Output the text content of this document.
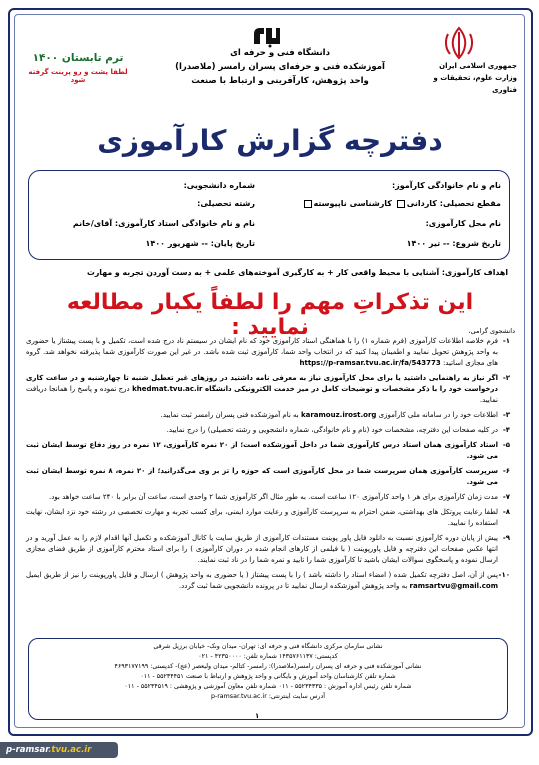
جمهوری اسلامی ایران
وزارت علوم، تحقیقات و فناوری
دانشگاه فنی و حرفه ای
آموزشکده فنی و حرفه‌ای پسران رامسر (ملاصدرا)
واحد پژوهش، کارآفرینی و ارتباط با صنعت
ترم تابستان ۱۴۰۰
لطفا پشت و رو پرینت گرفته شود
دفترچه گزارش کارآموزی
نام و نام خانوادگی کارآموز:
شماره دانشجویی:
مقطع تحصیلی: کاردانی کارشناسی ناپیوسته
رشته تحصیلی:
نام محل کارآموزی:
نام و نام خانوادگی استاد کارآموزی: آقای/خانم
تاریخ شروع: -- تیر ۱۴۰۰
تاریخ پایان: -- شهریور ۱۴۰۰
اهداف کارآموزی: آشنایی با محیط واقعی کار + به کارگیری آموخته‌های علمی + به دست آوردن تجربه و مهارت
این تذکراتِ مهم را لطفاً یکبار مطالعه نمایید :	دانشجوی گرامی،
۱-
فرم خلاصه اطلاعات کارآموزی (فرم شماره ۱) را با هماهنگی استاد کارآموزی خود که نام ایشان در سیستم ناد درج شده است، تکمیل و با پست پیشتاز یا حضوری به واحد پژوهش تحویل نمایید و اطمینان پیدا کنید که در انتخاب واحد شما، کارآموزی ثبت شده باشد. در غیر این صورت کارآموزی شما پذیرفته نخواهد شد. گروه های مجازی اساتید: https://p-ramsar.tvu.ac.ir/fa/543773
۲-
اگر نیاز به راهنمایی داشتید یا برای محل کارآموزی نیاز به معرفی نامه داشتید در روزهای غیر تعطیل شنبه تا چهارشنبه و در ساعت کاری درخواست خود را با ذکر مشخصات و توضیحات کامل در میز خدمت الکترونیکی دانشگاه khedmat.tvu.ac.ir درج نموده و پاسخ را همانجا دریافت نمایید.
۳-
اطلاعات خود را در سامانه ملی کارآموزی karamouz.irost.org به نام آموزشکده فنی پسران رامسر ثبت نمایید.
۴-
در کلیه صفحات این دفترچه، مشخصات خود (نام و نام خانوادگی، شماره دانشجویی و رشته تحصیلی) را درج نمایید.
۵-
استاد کارآموزی همان استاد درس کارآموزی شما در داخل آموزشکده است؛ از ۲۰ نمره کارآموزی، ۱۲ نمره در روز دفاع توسط ایشان ثبت می شود.
۶-
سرپرست کارآموزی همان سرپرست شما در محل کارآموزی است که حوزه را تز بر وی می‌گذرانید؛ از ۲۰ نمره، ۸ نمره توسط ایشان ثبت می شود.
۷-
مدت زمان کارآموزی برای هر ۱ واحد کارآموزی ۱۲۰ ساعت است. به طور مثال اگر کارآموزی شما ۲ واحدی است، ساعت آن برابر با ۲۴۰ ساعت خواهد بود.
۸-
لطفا رعایت پروتکل های بهداشتی، ضمن احترام به سرپرست کارآموزی و رعایت موارد ایمنی، برای کسب تجربه و مهارت تخصصی در رشته خود نزد ایشان، نهایت استفاده را نمایید.
۹-
پیش از پایان دوره کارآموزی نسبت به دانلود فایل پاور پوینت مستندات کارآموزی از طریق سایت یا کانال آموزشکده و تکمیل آنها اقدام لازم را به عمل آورید و در انتها عکس صفحات این دفترچه و فایل پاورپوینت ( با فیلمی از کارهای انجام شده در دوران کارآموزی ) را برای استاد محترم کارآموزی از طریق فضای مجازی ارسال نموده و پاسخگوی سوالات ایشان باشید تا کارآموزی شما را تایید و نمره شما را در ناد ثبت نمایند.
۱۰-
پس از آن، اصل دفترچه تکمیل شده ( امضاء استاد را داشته باشد ) را با پست پیشتاز ( یا حضوری به واحد پژوهش ) ارسال و فایل پاورپوینت را نیز از طریق ایمیل ramsartvu@gmail.com به واحد پژوهش آموزشکده ارسال نمایید تا در پرونده دانشجویی شما ثبت گردد.
نشانی سازمان مرکزی دانشگاه فنی و حرفه ای: تهران- میدان ونک- خیابان برزیل شرقی
کدپستی: ۱۴۳۵۷۶۱۱۳۷ شماره تلفن: ۴۲۳۵۰۰۰۰ - ۰۲۱
نشانی آموزشکده فنی و حرفه ای پسران رامسر(ملاصدرا): رامسر- کتالم- میدان ولیعصر (عج)- کدپستی: ۴۶۹۳۱۷۷۱۹۹
شماره تلفن کارشناسان واحد آموزش و بایگانی و واحد پژوهش و ارتباط با صنعت ۵۵۲۳۴۴۵۱ - ۰۱۱
شماره تلفن رئیس اداره آموزش : ۵۵۲۳۴۳۳۵ - ۰۱۱ شماره تلفن معاون آموزشی و پژوهشی : ۵۵۲۳۴۵۱۹ - ۰۱۱
آدرس سایت اینترنتی: p-ramsar.tvu.ac.ir
۱
p-ramsar.tvu.ac.ir
